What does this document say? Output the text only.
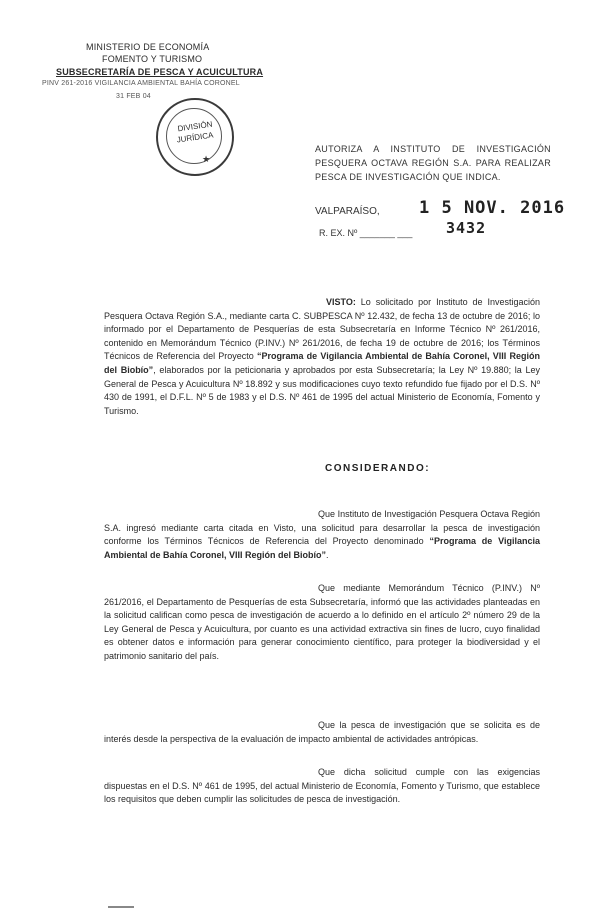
MINISTERIO DE ECONOMÍA
FOMENTO Y TURISMO
SUBSECRETARÍA DE PESCA Y ACUICULTURA
PINV 261-2016 VIGILANCIA AMBIENTAL BAHÍA CORONEL
31 FEB 04
DIVISIÓN
JURÍDICA
★
AUTORIZA A INSTITUTO DE INVESTIGACIÓN PESQUERA OCTAVA REGIÓN S.A. PARA REALIZAR PESCA DE INVESTIGACIÓN QUE INDICA.
VALPARAÍSO, 1 5 NOV. 2016
3432
R. EX. Nº _______ ___
VISTO: Lo solicitado por Instituto de Investigación Pesquera Octava Región S.A., mediante carta C. SUBPESCA Nº 12.432, de fecha 13 de octubre de 2016; lo informado por el Departamento de Pesquerías de esta Subsecretaría en Informe Técnico Nº 261/2016, contenido en Memorándum Técnico (P.INV.) Nº 261/2016, de fecha 19 de octubre de 2016; los Términos Técnicos de Referencia del Proyecto “Programa de Vigilancia Ambiental de Bahía Coronel, VIII Región del Biobío”, elaborados por la peticionaria y aprobados por esta Subsecretaría; la Ley Nº 19.880; la Ley General de Pesca y Acuicultura Nº 18.892 y sus modificaciones cuyo texto refundido fue fijado por el D.S. Nº 430 de 1991, el D.F.L. Nº 5 de 1983 y el D.S. Nº 461 de 1995 del actual Ministerio de Economía, Fomento y Turismo.
CONSIDERANDO:
Que Instituto de Investigación Pesquera Octava Región S.A. ingresó mediante carta citada en Visto, una solicitud para desarrollar la pesca de investigación conforme los Términos Técnicos de Referencia del Proyecto denominado “Programa de Vigilancia Ambiental de Bahía Coronel, VIII Región del Biobío”.
Que mediante Memorándum Técnico (P.INV.) Nº 261/2016, el Departamento de Pesquerías de esta Subsecretaría, informó que las actividades planteadas en la solicitud califican como pesca de investigación de acuerdo a lo definido en el artículo 2º número 29 de la Ley General de Pesca y Acuicultura, por cuanto es una actividad extractiva sin fines de lucro, cuyo finalidad es obtener datos e información para generar conocimiento científico, para proteger la biodiversidad y el patrimonio sanitario del país.
Que la pesca de investigación que se solicita es de interés desde la perspectiva de la evaluación de impacto ambiental de actividades antrópicas.
Que dicha solicitud cumple con las exigencias dispuestas en el D.S. Nº 461 de 1995, del actual Ministerio de Economía, Fomento y Turismo, que establece los requisitos que deben cumplir las solicitudes de pesca de investigación.
